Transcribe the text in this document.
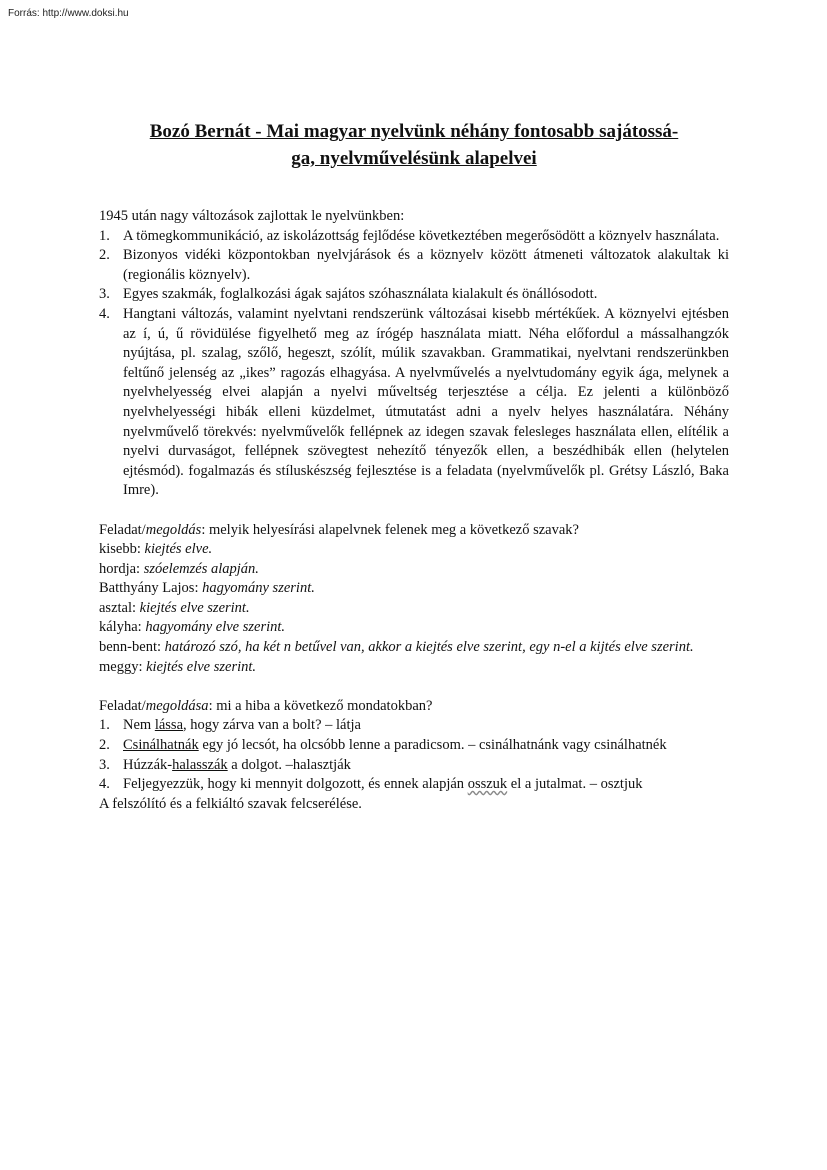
Forrás: http://www.doksi.hu
Bozó Bernát - Mai magyar nyelvünk néhány fontosabb sajátossá-
ga, nyelvművelésünk alapelvei

1945 után nagy változások zajlottak le nyelvünkben:

1. A tömegkommunikáció, az iskolázottság fejlődése következtében megerősödött a köznyelv használata.
2. Bizonyos vidéki központokban nyelvjárások és a köznyelv között átmeneti változatok alakultak ki (regionális köznyelv).
3. Egyes szakmák, foglalkozási ágak sajátos szóhasználata kialakult és önállósodott.
4. Hangtani változás, valamint nyelvtani rendszerünk változásai kisebb mértékűek. A köznyelvi ejtésben az í, ú, ű rövidülése figyelhető meg az írógép használata miatt. Néha előfordul a mássalhangzók nyújtása, pl. szalag, szőlő, hegeszt, szólít, múlik szavakban. Grammatikai, nyelvtani rendszerünkben feltűnő jelenség az „ikes” ragozás elhagyása. A nyelvművelés a nyelvtudomány egyik ága, melynek a nyelvhelyesség elvei alapján a nyelvi műveltség terjesztése a célja. Ez jelenti a különböző nyelvhelyességi hibák elleni küzdelmet, útmutatást adni a nyelv helyes használatára. Néhány nyelvművelő törekvés: nyelvművelők fellépnek az idegen szavak felesleges használata ellen, elítélik a nyelvi durvaságot, fellépnek szövegtest nehezítő tényezők ellen, a beszédhibák ellen (helytelen ejtésmód). fogalmazás és stíluskészség fejlesztése is a feladata (nyelvművelők pl. Grétsy László, Baka Imre).

Feladat/megoldás: melyik helyesírási alapelvnek felenek meg a következő szavak?

kisebb: kiejtés elve.

hordja: szóelemzés alapján.

Batthyány Lajos: hagyomány szerint.

asztal: kiejtés elve szerint.

kályha: hagyomány elve szerint.

benn-bent: határozó szó, ha két n betűvel van, akkor a kiejtés elve szerint, egy n-el a kijtés elve szerint.

meggy: kiejtés elve szerint.

Feladat/megoldása: mi a hiba a következő mondatokban?

1. Nem lássa, hogy zárva van a bolt? – látja
2. Csinálhatnák egy jó lecsót, ha olcsóbb lenne a paradicsom. – csinálhatnánk vagy csinálhatnék
3. Húzzák-halasszák a dolgot. –halasztják
4. Feljegyezzük, hogy ki mennyit dolgozott, és ennek alapján osszuk el a jutalmat. – osztjuk

A felszólító és a felkiáltó szavak felcserélése.
